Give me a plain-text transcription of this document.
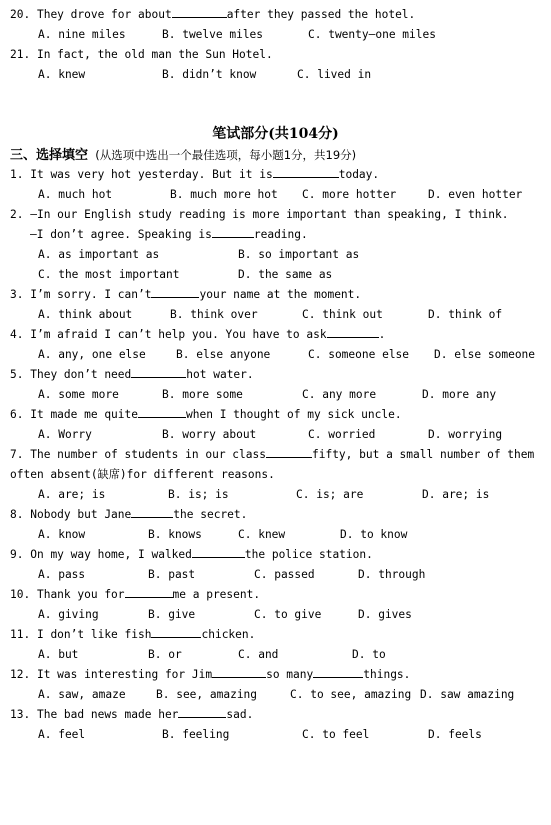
20. They drove for about	after they passed the hotel.

A. nine miles

	B. twelve miles

	C. twenty—one miles

21. In fact, the old man the Sun Hotel.

A. knew

	B. didn’t know

	C. lived in

笔试部分(共104分)
三、选择填空 (从选项中选出一个最佳选项，每小题1分，共19分)
1. It was very hot yesterday. But it is	today.

A. much hot

	B. much more hot

C. more hotter

	D. even hotter

2. —In our English study reading is more important than speaking, I think.
—I don’t agree. Speaking is	reading.

A. as important as

	B. so important as

C. the most important

	D. the same as

3. I’m sorry. I can’t	your name at the moment.

A. think about

	B. think over

	C. think out

	D. think of

4. I’m afraid I can’t help you. You have to ask	.

A. any, one else

	B. else anyone

	C. someone else

D. else someone

5. They don’t need	hot water.

A. some more

	B. more some

	C. any more

	D. more any

6. It made me quite	when I thought of my sick uncle.

A. Worry

	B. worry about

	C. worried

	D. worrying

7. The number of students in our class	fifty, but a small number of them
often absent(缺席)for different reasons.

A. are; is

	B. is; is

	C. is; are

	D. are; is

8. Nobody but Jane	the secret.

A. know

	B. knows

	C. knew

	D. to know

9. On my way home, I walked	the police station.

A. pass

	B. past

	C. passed

	D. through

10. Thank you for	me a present.

A. giving

	B. give

	C. to give

	D. gives

11. I don’t like fish	chicken.

A. but

	B. or

	C. and

	D. to

12. It was interesting for Jim	so many	things.

A. saw, amaze

	B. see, amazing

	C. to see, amazing

D. saw amazing

13. The bad news made her	sad.

A. feel

	B. feeling

	C. to feel

	D. feels
